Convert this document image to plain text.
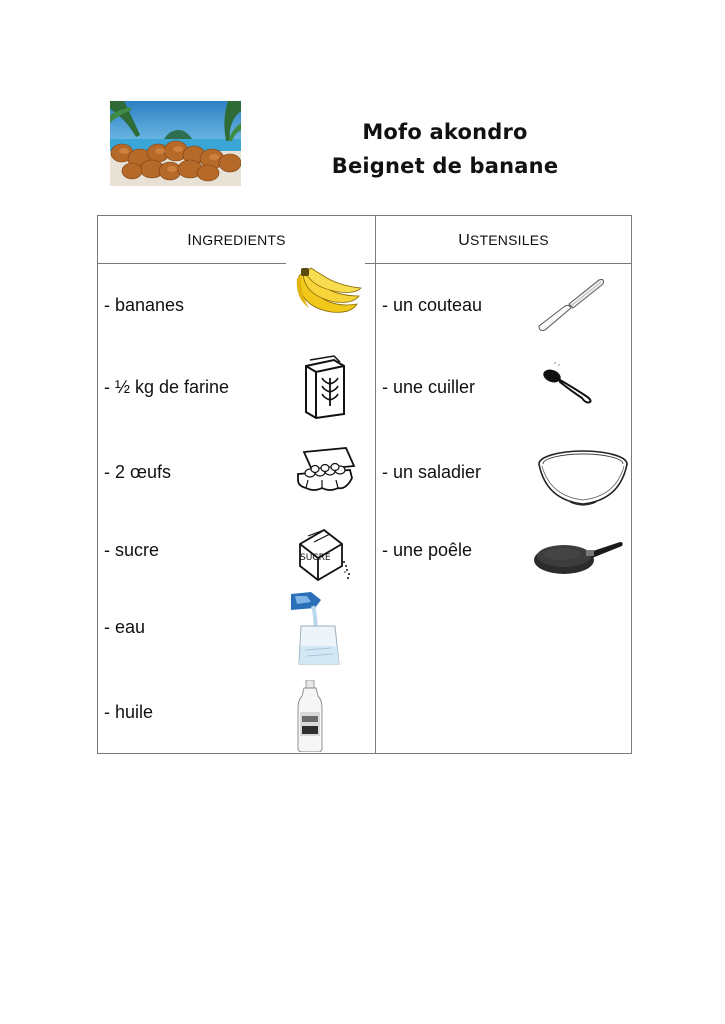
Mofo akondro
Beignet de banane
INGREDIENTS	USTENSILES
- bananes
- ½ kg de farine
- 2 œufs
- sucre
- eau
- huile
- un couteau
- une cuiller
- un saladier
- une poêle
SUCRE
